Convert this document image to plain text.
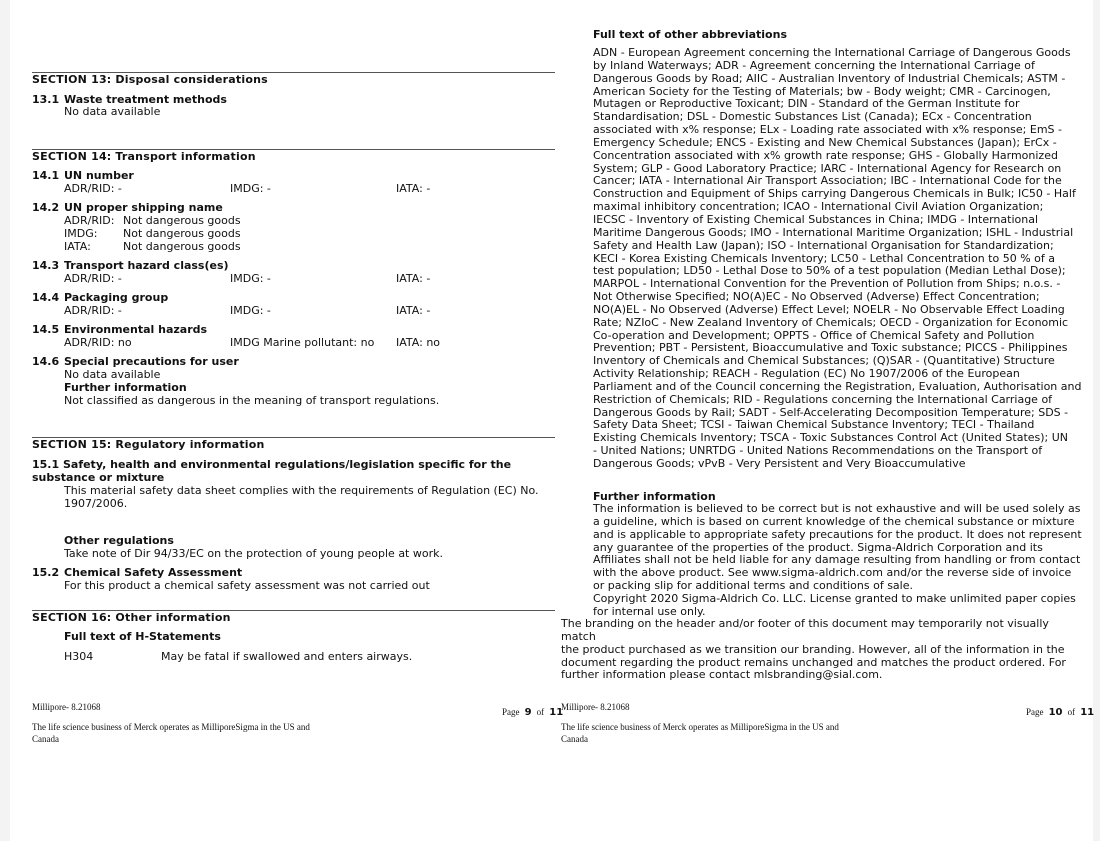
SECTION 13: Disposal considerations
13.1 Waste treatment methods
No data available
SECTION 14: Transport information
14.1 UN number
ADR/RID: -	IMDG: -	IATA: -
14.2 UN proper shipping name
ADR/RID: Not dangerous goods
IMDG: Not dangerous goods
IATA:	Not dangerous goods
14.3 Transport hazard class(es)
ADR/RID: -	IMDG: -	IATA: -
14.4 Packaging group
ADR/RID: -	IMDG: -	IATA: -
14.5 Environmental hazards
ADR/RID: no	IMDG Marine pollutant: no IATA: no
14.6 Special precautions for user
No data available
Further information
Not classified as dangerous in the meaning of transport regulations.
SECTION 15: Regulatory information
15.1 Safety, health and environmental regulations/legislation specific for the
substance or mixture
This material safety data sheet complies with the requirements of Regulation (EC) No.
1907/2006.
Other regulations
Take note of Dir 94/33/EC on the protection of young people at work.
15.2 Chemical Safety Assessment
For this product a chemical safety assessment was not carried out
SECTION 16: Other information
Full text of H-Statements
H304	May be fatal if swallowed and enters airways.
Millipore- 8.21068	Page 9 of 11
The life science business of Merck operates as MilliporeSigma in the US and
Canada
Full text of other abbreviations
ADN - European Agreement concerning the International Carriage of Dangerous Goods
by Inland Waterways; ADR - Agreement concerning the International Carriage of
Dangerous Goods by Road; AIIC - Australian Inventory of Industrial Chemicals; ASTM -
American Society for the Testing of Materials; bw - Body weight; CMR - Carcinogen,
Mutagen or Reproductive Toxicant; DIN - Standard of the German Institute for
Standardisation; DSL - Domestic Substances List (Canada); ECx - Concentration
associated with x% response; ELx - Loading rate associated with x% response; EmS -
Emergency Schedule; ENCS - Existing and New Chemical Substances (Japan); ErCx -
Concentration associated with x% growth rate response; GHS - Globally Harmonized
System; GLP - Good Laboratory Practice; IARC - International Agency for Research on
Cancer; IATA - International Air Transport Association; IBC - International Code for the
Construction and Equipment of Ships carrying Dangerous Chemicals in Bulk; IC50 - Half
maximal inhibitory concentration; ICAO - International Civil Aviation Organization;
IECSC - Inventory of Existing Chemical Substances in China; IMDG - International
Maritime Dangerous Goods; IMO - International Maritime Organization; ISHL - Industrial
Safety and Health Law (Japan); ISO - International Organisation for Standardization;
KECI - Korea Existing Chemicals Inventory; LC50 - Lethal Concentration to 50 % of a
test population; LD50 - Lethal Dose to 50% of a test population (Median Lethal Dose);
MARPOL - International Convention for the Prevention of Pollution from Ships; n.o.s. -
Not Otherwise Specified; NO(A)EC - No Observed (Adverse) Effect Concentration;
NO(A)EL - No Observed (Adverse) Effect Level; NOELR - No Observable Effect Loading
Rate; NZIoC - New Zealand Inventory of Chemicals; OECD - Organization for Economic
Co-operation and Development; OPPTS - Office of Chemical Safety and Pollution
Prevention; PBT - Persistent, Bioaccumulative and Toxic substance; PICCS - Philippines
Inventory of Chemicals and Chemical Substances; (Q)SAR - (Quantitative) Structure
Activity Relationship; REACH - Regulation (EC) No 1907/2006 of the European
Parliament and of the Council concerning the Registration, Evaluation, Authorisation and
Restriction of Chemicals; RID - Regulations concerning the International Carriage of
Dangerous Goods by Rail; SADT - Self-Accelerating Decomposition Temperature; SDS -
Safety Data Sheet; TCSI - Taiwan Chemical Substance Inventory; TECI - Thailand
Existing Chemicals Inventory; TSCA - Toxic Substances Control Act (United States); UN
- United Nations; UNRTDG - United Nations Recommendations on the Transport of
Dangerous Goods; vPvB - Very Persistent and Very Bioaccumulative
Further information
The information is believed to be correct but is not exhaustive and will be used solely as
a guideline, which is based on current knowledge of the chemical substance or mixture
and is applicable to appropriate safety precautions for the product. It does not represent
any guarantee of the properties of the product. Sigma-Aldrich Corporation and its
Affiliates shall not be held liable for any damage resulting from handling or from contact
with the above product. See www.sigma-aldrich.com and/or the reverse side of invoice
or packing slip for additional terms and conditions of sale.
Copyright 2020 Sigma-Aldrich Co. LLC. License granted to make unlimited paper copies
for internal use only.
The branding on the header and/or footer of this document may temporarily not visually match
the product purchased as we transition our branding. However, all of the information in the
document regarding the product remains unchanged and matches the product ordered. For
further information please contact mlsbranding@sial.com.
Millipore- 8.21068	Page 10 of 11
The life science business of Merck operates as MilliporeSigma in the US and
Canada
